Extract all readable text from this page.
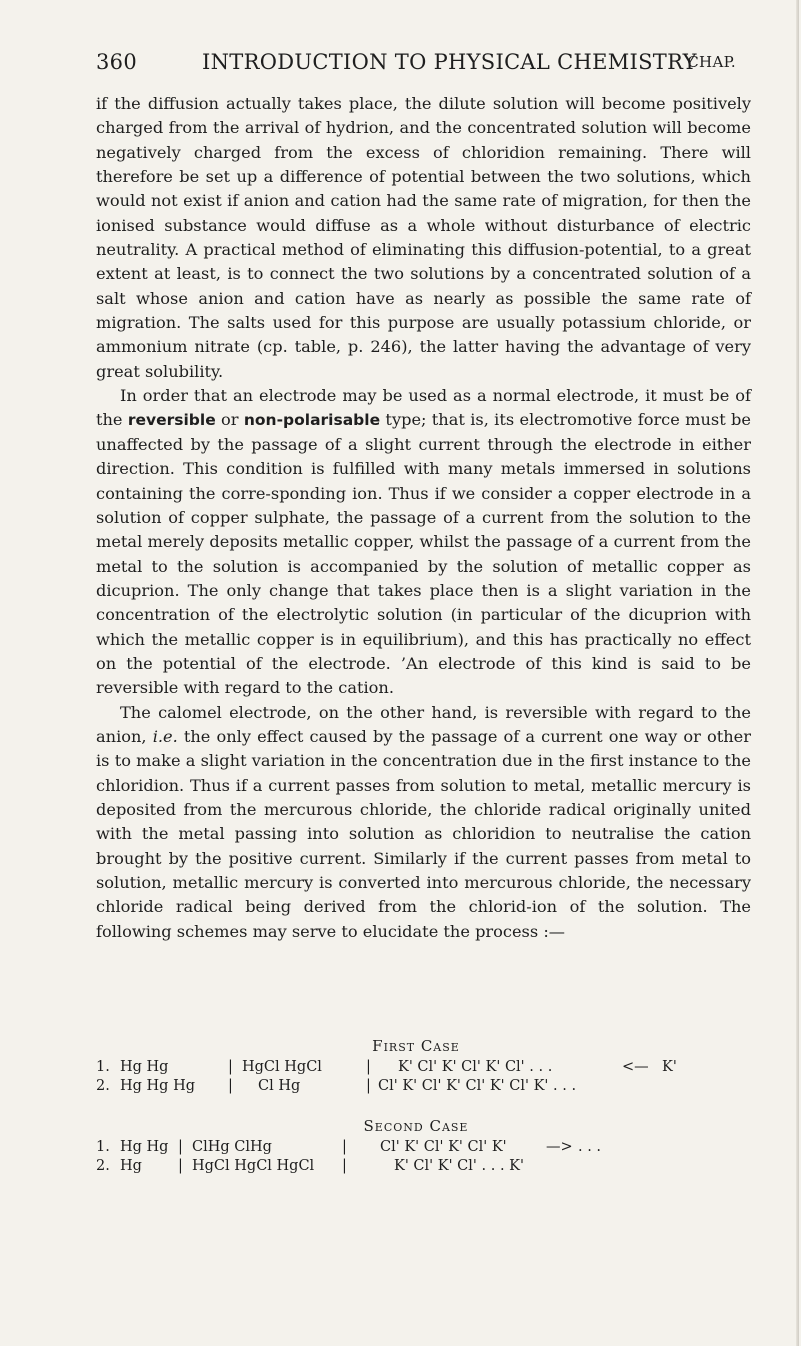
360	INTRODUCTION TO PHYSICAL CHEMISTRY
CHAP.

if the diffusion actually takes place, the dilute solution will become positively charged from the arrival of hydrion, and the concentrated solution will become negatively charged from the excess of chloridion remaining. There will therefore be set up a difference of potential between the two solutions, which would not exist if anion and cation had the same rate of migration, for then the ionised substance would diffuse as a whole without disturbance of electric neutrality. A practical method of eliminating this diffusion-potential, to a great extent at least, is to connect the two solutions by a concentrated solution of a salt whose anion and cation have as nearly as possible the same rate of migration. The salts used for this purpose are usually potassium chloride, or ammonium nitrate (cp. table, p. 246), the latter having the advantage of very great solubility.

In order that an electrode may be used as a normal electrode, it must be of the reversible or non-polarisable type; that is, its electromotive force must be unaffected by the passage of a slight current through the electrode in either direction. This condition is fulfilled with many metals immersed in solutions containing the corre-sponding ion. Thus if we consider a copper electrode in a solution of copper sulphate, the passage of a current from the solution to the metal merely deposits metallic copper, whilst the passage of a current from the metal to the solution is accompanied by the solution of metallic copper as dicuprion. The only change that takes place then is a slight variation in the concentration of the electrolytic solution (in particular of the dicuprion with which the metallic copper is in equilibrium), and this has practically no effect on the potential of the electrode. ’An electrode of this kind is said to be reversible with regard to the cation.

The calomel electrode, on the other hand, is reversible with regard to the anion, i.e. the only effect caused by the passage of a current one way or other is to make a slight variation in the concentration due in the first instance to the chloridion. Thus if a current passes from solution to metal, metallic mercury is deposited from the mercurous chloride, the chloride radical originally united with the metal passing into solution as chloridion to neutralise the cation brought by the positive current. Similarly if the current passes from metal to solution, metallic mercury is converted into mercurous chloride, the necessary chloride radical being derived from the chlorid-ion of the solution. The following schemes may serve to elucidate the process :—

First Case
1. Hg Hg	| HgCl HgCl	| K' Cl' K' Cl' K' Cl' . . .	<— K'
2. Hg Hg Hg | Cl Hg	| Cl' K' Cl' K' Cl' K' Cl' K' . . .
Second Case
1. Hg Hg | ClHg ClHg	| Cl' K' Cl' K' Cl' K'	—> . . .
2. Hg | HgCl HgCl HgCl |	K' Cl' K' Cl' . . . K'
